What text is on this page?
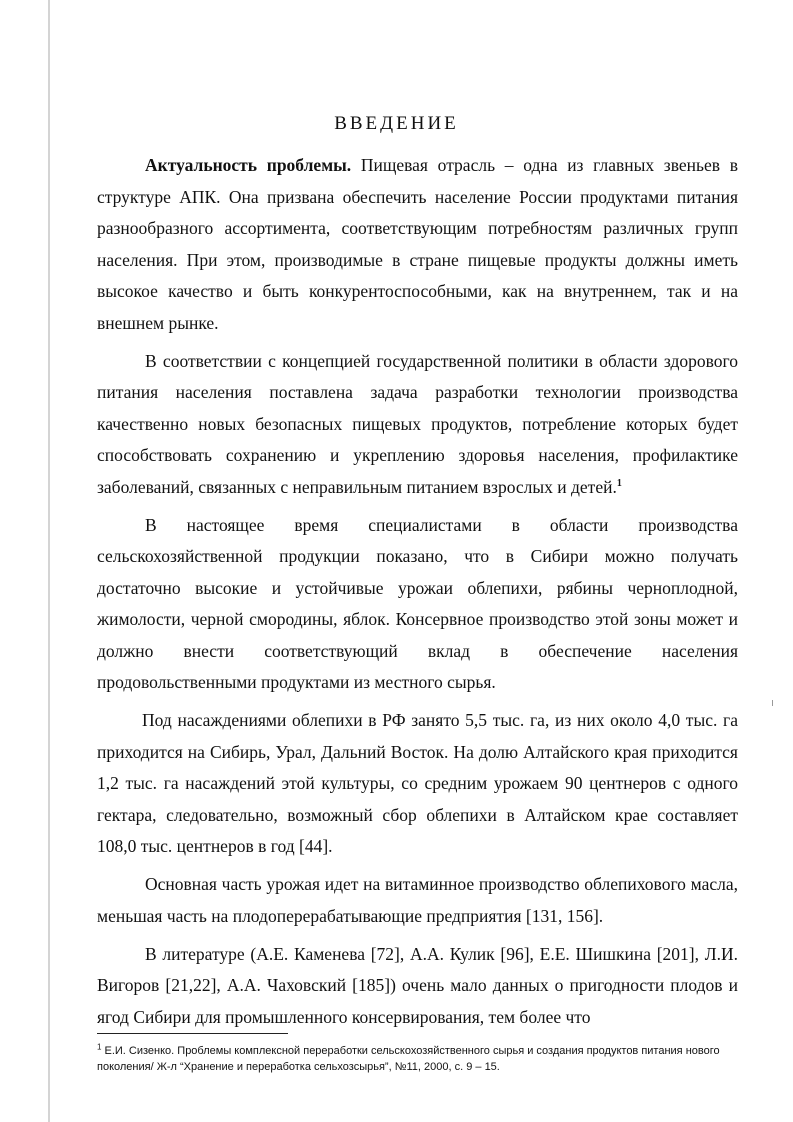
ВВЕДЕНИЕ

Актуальность проблемы. Пищевая отрасль – одна из главных звеньев в структуре АПК. Она призвана обеспечить население России продуктами питания разнообразного ассортимента, соответствующим потребностям различных групп населения. При этом, производимые в стране пищевые продукты должны иметь высокое качество и быть конкурентоспособными, как на внутреннем, так и на внешнем рынке.

В соответствии с концепцией государственной политики в области здорового питания населения поставлена задача разработки технологии производства качественно новых безопасных пищевых продуктов, потребление которых будет способствовать сохранению и укреплению здоровья населения, профилактике заболеваний, связанных с неправильным питанием взрослых и детей.$^1$

В настоящее время специалистами в области производства сельскохозяйственной продукции показано, что в Сибири можно получать достаточно высокие и устойчивые урожаи облепихи, рябины черноплодной, жимолости, черной смородины, яблок. Консервное производство этой зоны может и должно внести соответствующий вклад в обеспечение населения продовольственными продуктами из местного сырья.

Под насаждениями облепихи в РФ занято 5,5 тыс. га, из них около 4,0 тыс. га приходится на Сибирь, Урал, Дальний Восток. На долю Алтайского края приходится 1,2 тыс. га насаждений этой культуры, со средним урожаем 90 центнеров с одного гектара, следовательно, возможный сбор облепихи в Алтайском крае составляет 108,0 тыс. центнеров в год [44].

Основная часть урожая идет на витаминное производство облепихового масла, меньшая часть на плодоперерабатывающие предприятия [131, 156].

В литературе (А.Е. Каменева [72], А.А. Кулик [96], Е.Е. Шишкина [201], Л.И. Вигоров [21,22], А.А. Чаховский [185]) очень мало данных о пригодности плодов и ягод Сибири для промышленного консервирования, тем более что

$^1$ Е.И. Сизенко. Проблемы комплексной переработки сельскохозяйственного сырья и создания продуктов питания нового поколения/ Ж-л “Хранение и переработка сельхозсырья”, №11, 2000, с. 9 – 15.
